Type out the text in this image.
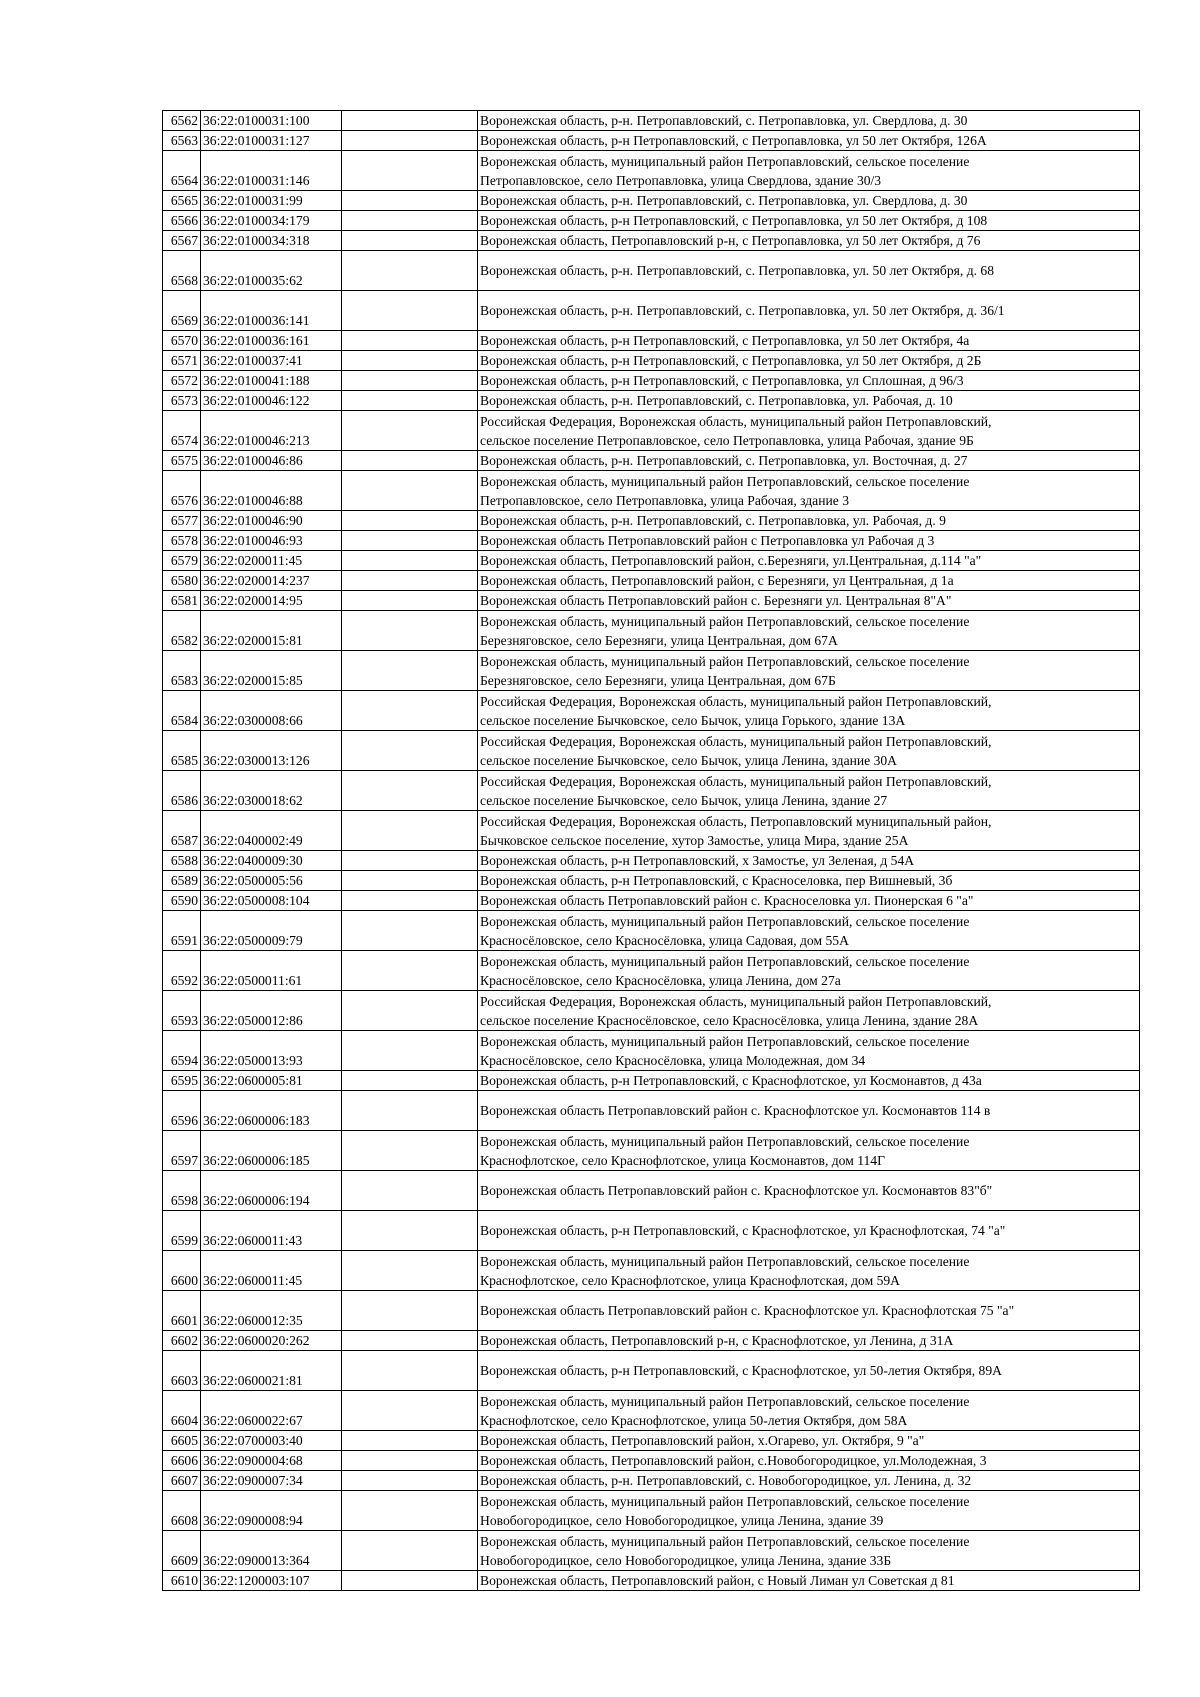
6562	36:22:0100031:100		Воронежская область, р-н. Петропавловский, с. Петропавловка, ул. Свердлова, д. 30

6563	36:22:0100031:127		Воронежская область, р-н Петропавловский, с Петропавловка, ул 50 лет Октября, 126А

6564	36:22:0100031:146		Воронежская область, муниципальный район Петропавловский, сельское поселение
Петропавловское, село Петропавловка, улица Свердлова, здание 30/3

6565	36:22:0100031:99		Воронежская область, р-н. Петропавловский, с. Петропавловка, ул. Свердлова, д. 30

6566	36:22:0100034:179		Воронежская область, р-н Петропавловский, с Петропавловка, ул 50 лет Октября, д 108

6567	36:22:0100034:318		Воронежская область, Петропавловский р-н, с Петропавловка, ул 50 лет Октября, д 76

6568	36:22:0100035:62		Воронежская область, р-н. Петропавловский, с. Петропавловка, ул. 50 лет Октября, д. 68

6569	36:22:0100036:141		Воронежская область, р-н. Петропавловский, с. Петропавловка, ул. 50 лет Октября, д. 36/1

6570	36:22:0100036:161		Воронежская область, р-н Петропавловский, с Петропавловка, ул 50 лет Октября, 4а

6571	36:22:0100037:41		Воронежская область, р-н Петропавловский, с Петропавловка, ул 50 лет Октября, д 2Б

6572	36:22:0100041:188		Воронежская область, р-н Петропавловский, с Петропавловка, ул Сплошная, д 96/3

6573	36:22:0100046:122		Воронежская область, р-н. Петропавловский, с. Петропавловка, ул. Рабочая, д. 10

6574	36:22:0100046:213		Российская Федерация, Воронежская область, муниципальный район Петропавловский,
сельское поселение Петропавловское, село Петропавловка, улица Рабочая, здание 9Б

6575	36:22:0100046:86		Воронежская область, р-н. Петропавловский, с. Петропавловка, ул. Восточная, д. 27

6576	36:22:0100046:88		Воронежская область, муниципальный район Петропавловский, сельское поселение
Петропавловское, село Петропавловка, улица Рабочая, здание 3

6577	36:22:0100046:90		Воронежская область, р-н. Петропавловский, с. Петропавловка, ул. Рабочая, д. 9

6578	36:22:0100046:93		Воронежская область Петропавловский район с Петропавловка ул Рабочая д 3

6579	36:22:0200011:45		Воронежская область, Петропавловский район, с.Березняги, ул.Центральная, д.114 "а"

6580	36:22:0200014:237		Воронежская область, Петропавловский район, с Березняги, ул Центральная, д 1а

6581	36:22:0200014:95		Воронежская область Петропавловский район с. Березняги ул. Центральная 8"А"

6582	36:22:0200015:81		Воронежская область, муниципальный район Петропавловский, сельское поселение
Березняговское, село Березняги, улица Центральная, дом 67А

6583	36:22:0200015:85		Воронежская область, муниципальный район Петропавловский, сельское поселение
Березняговское, село Березняги, улица Центральная, дом 67Б

6584	36:22:0300008:66		Российская Федерация, Воронежская область, муниципальный район Петропавловский,
сельское поселение Бычковское, село Бычок, улица Горького, здание 13А

6585	36:22:0300013:126		Российская Федерация, Воронежская область, муниципальный район Петропавловский,
сельское поселение Бычковское, село Бычок, улица Ленина, здание 30А

6586	36:22:0300018:62		Российская Федерация, Воронежская область, муниципальный район Петропавловский,
сельское поселение Бычковское, село Бычок, улица Ленина, здание 27

6587	36:22:0400002:49		Российская Федерация, Воронежская область, Петропавловский муниципальный район,
Бычковское сельское поселение, хутор Замостье, улица Мира, здание 25А

6588	36:22:0400009:30		Воронежская область, р-н Петропавловский, х Замостье, ул Зеленая, д 54А

6589	36:22:0500005:56		Воронежская область, р-н Петропавловский, с Красноселовка, пер Вишневый, 3б

6590	36:22:0500008:104		Воронежская область Петропавловский район с. Красноселовка ул. Пионерская 6 "а"

6591	36:22:0500009:79		Воронежская область, муниципальный район Петропавловский, сельское поселение
Красносёловское, село Красносёловка, улица Садовая, дом 55А

6592	36:22:0500011:61		Воронежская область, муниципальный район Петропавловский, сельское поселение
Красносёловское, село Красносёловка, улица Ленина, дом 27а

6593	36:22:0500012:86		Российская Федерация, Воронежская область, муниципальный район Петропавловский,
сельское поселение Красносёловское, село Красносёловка, улица Ленина, здание 28А

6594	36:22:0500013:93		Воронежская область, муниципальный район Петропавловский, сельское поселение
Красносёловское, село Красносёловка, улица Молодежная, дом 34

6595	36:22:0600005:81		Воронежская область, р-н Петропавловский, с Краснофлотское, ул Космонавтов, д 43а

6596	36:22:0600006:183		Воронежская область Петропавловский район с. Краснофлотское ул. Космонавтов 114 в

6597	36:22:0600006:185		Воронежская область, муниципальный район Петропавловский, сельское поселение
Краснофлотское, село Краснофлотское, улица Космонавтов, дом 114Г

6598	36:22:0600006:194		Воронежская область Петропавловский район с. Краснофлотское ул. Космонавтов 83"б"

6599	36:22:0600011:43		Воронежская область, р-н Петропавловский, с Краснофлотское, ул Краснофлотская, 74 "а"

6600	36:22:0600011:45		Воронежская область, муниципальный район Петропавловский, сельское поселение
Краснофлотское, село Краснофлотское, улица Краснофлотская, дом 59А

6601	36:22:0600012:35		Воронежская область Петропавловский район с. Краснофлотское ул. Краснофлотская 75 "а"

6602	36:22:0600020:262		Воронежская область, Петропавловский р-н, с Краснофлотское, ул Ленина, д 31А

6603	36:22:0600021:81		Воронежская область, р-н Петропавловский, с Краснофлотское, ул 50-летия Октября, 89А

6604	36:22:0600022:67		Воронежская область, муниципальный район Петропавловский, сельское поселение
Краснофлотское, село Краснофлотское, улица 50-летия Октября, дом 58А

6605	36:22:0700003:40		Воронежская область, Петропавловский район, х.Огарево, ул. Октября, 9 "а"

6606	36:22:0900004:68		Воронежская область, Петропавловский район, с.Новобогородицкое, ул.Молодежная, 3

6607	36:22:0900007:34		Воронежская область, р-н. Петропавловский, с. Новобогородицкое, ул. Ленина, д. 32

6608	36:22:0900008:94		Воронежская область, муниципальный район Петропавловский, сельское поселение
Новобогородицкое, село Новобогородицкое, улица Ленина, здание 39

6609	36:22:0900013:364		Воронежская область, муниципальный район Петропавловский, сельское поселение
Новобогородицкое, село Новобогородицкое, улица Ленина, здание 33Б

6610	36:22:1200003:107		Воронежская область, Петропавловский район, с Новый Лиман ул Советская д 81
